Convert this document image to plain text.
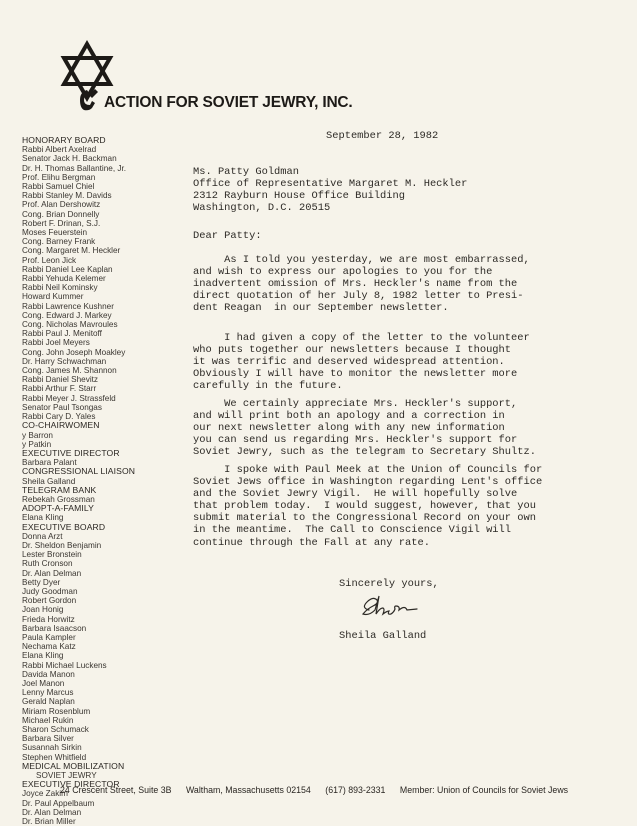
ACTION FOR SOVIET JEWRY, INC.
HONORARY BOARD
Rabbi Albert Axelrad
Senator Jack H. Backman
Dr. H. Thomas Ballantine, Jr.
Prof. Elihu Bergman
Rabbi Samuel Chiel
Rabbi Stanley M. Davids
Prof. Alan Dershowitz
Cong. Brian Donnelly
Robert F. Drinan, S.J.
Moses Feuerstein
Cong. Barney Frank
Cong. Margaret M. Heckler
Prof. Leon Jick
Rabbi Daniel Lee Kaplan
Rabbi Yehuda Kelemer
Rabbi Neil Kominsky
Howard Kummer
Rabbi Lawrence Kushner
Cong. Edward J. Markey
Cong. Nicholas Mavroules
Rabbi Paul J. Menitoff
Rabbi Joel Meyers
Cong. John Joseph Moakley
Dr. Harry Schwachman
Cong. James M. Shannon
Rabbi Daniel Shevitz
Rabbi Arthur F. Starr
Rabbi Meyer J. Strassfeld
Senator Paul Tsongas
Rabbi Cary D. Yales
CO-CHAIRWOMEN
y Barron
y Patkin
EXECUTIVE DIRECTOR
Barbara Palant
CONGRESSIONAL LIAISON
Sheila Galland
TELEGRAM BANK
Rebekah Grossman
ADOPT-A-FAMILY
Elana Kling
EXECUTIVE BOARD
Donna Arzt
Dr. Sheldon Benjamin
Lester Bronstein
Ruth Cronson
Dr. Alan Delman
Betty Dyer
Judy Goodman
Robert Gordon
Joan Honig
Frieda Horwitz
Barbara Isaacson
Paula Kampler
Nechama Katz
Elana Kling
Rabbi Michael Luckens
Davida Manon
Joel Manon
Lenny Marcus
Gerald Naplan
Miriam Rosenblum
Michael Rukin
Sharon Schumack
Barbara Silver
Susannah Sirkin
Stephen Whitfield
MEDICAL MOBILIZATION
SOVIET JEWRY
EXECUTIVE DIRECTOR
Joyce Zakim
Dr. Paul Appelbaum
Dr. Alan Delman
Dr. Brian Miller
September 28, 1982
Ms. Patty Goldman
Office of Representative Margaret M. Heckler
2312 Rayburn House Office Building
Washington, D.C. 20515
Dear Patty:
As I told you yesterday, we are most embarrassed,
and wish to express our apologies to you for the
inadvertent omission of Mrs. Heckler's name from the
direct quotation of her July 8, 1982 letter to Presi-
dent Reagan  in our September newsletter.
I had given a copy of the letter to the volunteer
who puts together our newsletters because I thought
it was terrific and deserved widespread attention.
Obviously I will have to monitor the newsletter more
carefully in the future.
We certainly appreciate Mrs. Heckler's support,
and will print both an apology and a correction in
our next newsletter along with any new information
you can send us regarding Mrs. Heckler's support for
Soviet Jewry, such as the telegram to Secretary Shultz.
I spoke with Paul Meek at the Union of Councils for
Soviet Jews office in Washington regarding Lent's office
and the Soviet Jewry Vigil.  He will hopefully solve
that problem today.  I would suggest, however, that you
submit material to the Congressional Record on your own
in the meantime.  The Call to Conscience Vigil will
continue through the Fall at any rate.
Sincerely yours,
Sheila Galland
24 Crescent Street, Suite 3B Waltham, Massachusetts 02154 (617) 893-2331 Member: Union of Councils for Soviet Jews
